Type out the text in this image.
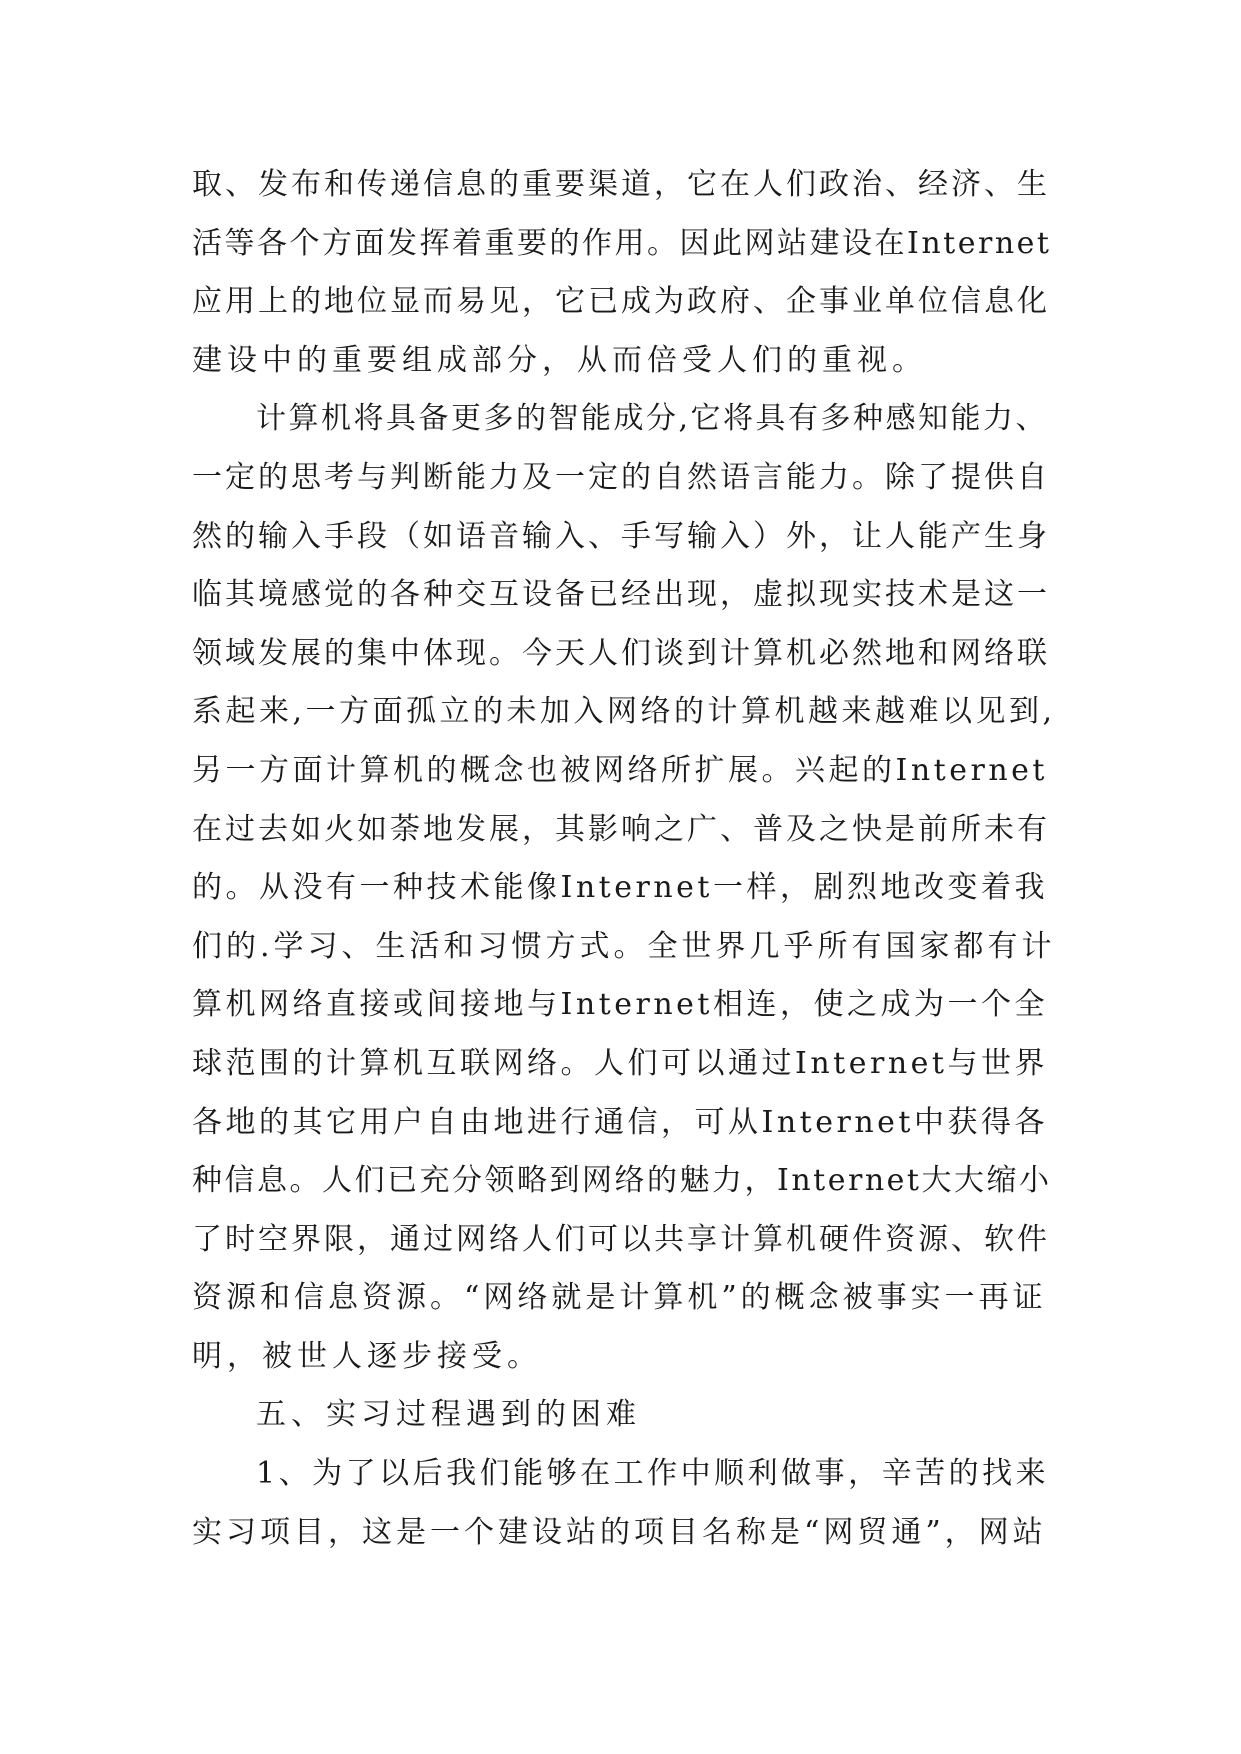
取、发布和传递信息的重要渠道，它在人们政治、经济、生
活等各个方面发挥着重要的作用。因此网站建设在Internet
应用上的地位显而易见，它已成为政府、企事业单位信息化
建设中的重要组成部分，从而倍受人们的重视。
计算机将具备更多的智能成分,它将具有多种感知能力、
一定的思考与判断能力及一定的自然语言能力。除了提供自
然的输入手段（如语音输入、手写输入）外，让人能产生身
临其境感觉的各种交互设备已经出现，虚拟现实技术是这一
领域发展的集中体现。今天人们谈到计算机必然地和网络联
系起来,一方面孤立的未加入网络的计算机越来越难以见到,
另一方面计算机的概念也被网络所扩展。兴起的Internet
在过去如火如荼地发展，其影响之广、普及之快是前所未有
的。从没有一种技术能像Internet一样，剧烈地改变着我
们的.学习、生活和习惯方式。全世界几乎所有国家都有计
算机网络直接或间接地与Internet相连，使之成为一个全
球范围的计算机互联网络。人们可以通过Internet与世界
各地的其它用户自由地进行通信，可从Internet中获得各
种信息。人们已充分领略到网络的魅力，Internet大大缩小
了时空界限，通过网络人们可以共享计算机硬件资源、软件
资源和信息资源。“网络就是计算机”的概念被事实一再证
明，被世人逐步接受。
五、实习过程遇到的困难
1、为了以后我们能够在工作中顺利做事，辛苦的找来
实习项目，这是一个建设站的项目名称是“网贸通”，网站
